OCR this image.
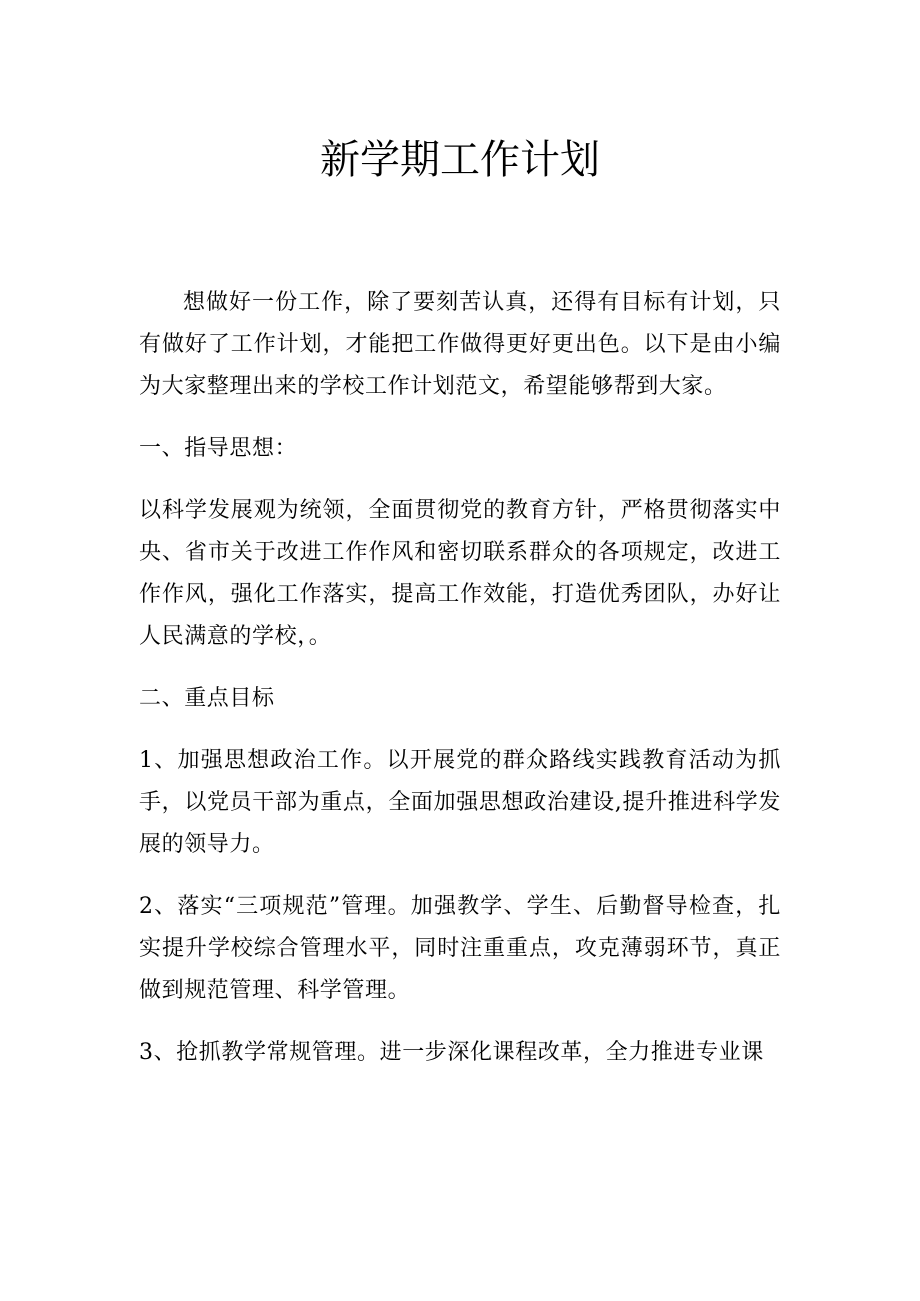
新学期工作计划

想做好一份工作，除了要刻苦认真，还得有目标有计划，只有做好了工作计划，才能把工作做得更好更出色。以下是由小编为大家整理出来的学校工作计划范文，希望能够帮到大家。

一、指导思想：

以科学发展观为统领，全面贯彻党的教育方针，严格贯彻落实中央、省市关于改进工作作风和密切联系群众的各项规定，改进工作作风，强化工作落实，提高工作效能，打造优秀团队，办好让人民满意的学校，。

二、重点目标

1、加强思想政治工作。以开展党的群众路线实践教育活动为抓手，以党员干部为重点，全面加强思想政治建设,提升推进科学发展的领导力。

2、落实“三项规范”管理。加强教学、学生、后勤督导检查，扎实提升学校综合管理水平，同时注重重点，攻克薄弱环节，真正做到规范管理、科学管理。

3、抢抓教学常规管理。进一步深化课程改革，全力推进专业课
